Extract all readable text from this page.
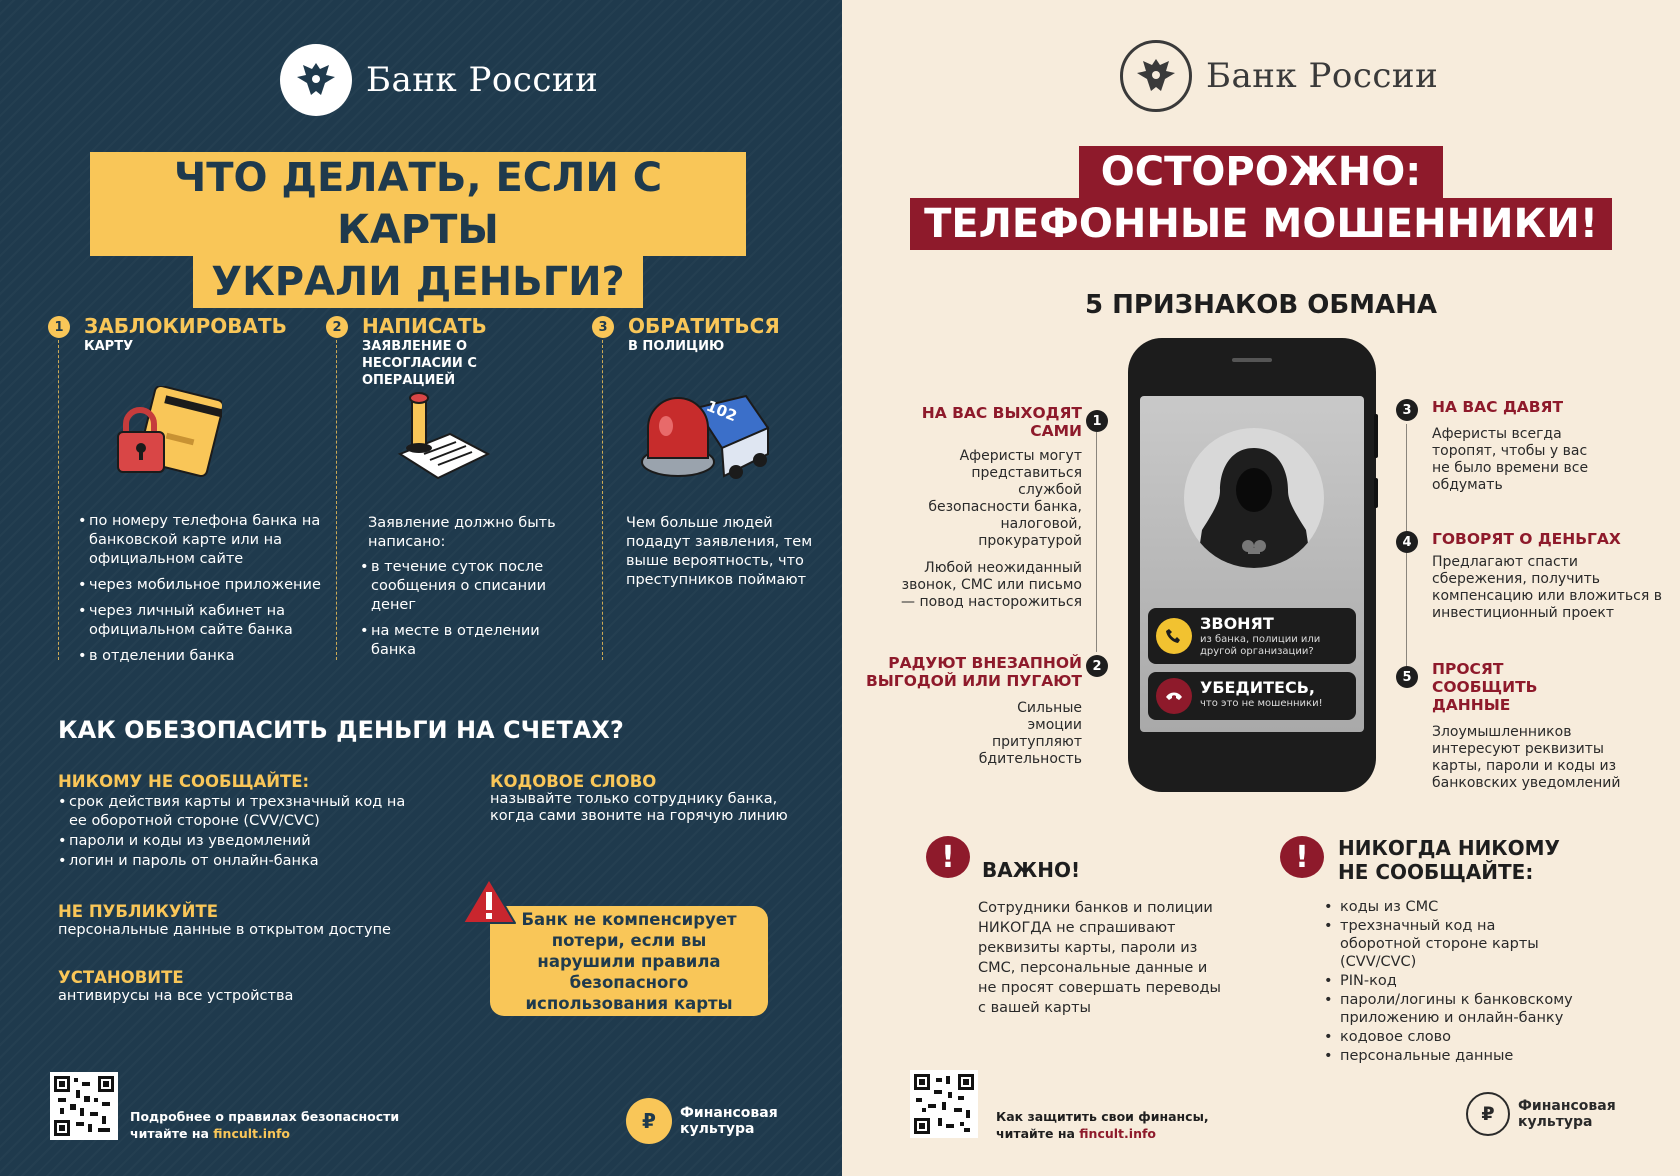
Банк России
ЧТО ДЕЛАТЬ, ЕСЛИ С КАРТЫ
УКРАЛИ ДЕНЬГИ?
1	ЗАБЛОКИРОВАТЬ
КАРТУ
• по номеру телефона банка на банковской карте или на официальном сайте
• через мобильное приложение
• через личный кабинет на официальном сайте банка
• в отделении банка
2	НАПИСАТЬ
ЗАЯВЛЕНИЕ О НЕСОГЛАСИИ С ОПЕРАЦИЕЙ
Заявление должно быть написано:
• в течение суток после сообщения о списании денег
• на месте в отделении банка
3	ОБРАТИТЬСЯ
В ПОЛИЦИЮ
102
Чем больше людей подадут заявления, тем выше вероятность, что преступников поймают
КАК ОБЕЗОПАСИТЬ ДЕНЬГИ НА СЧЕТАХ?
НИКОМУ НЕ СООБЩАЙТЕ:
• срок действия карты и трехзначный код на ее оборотной стороне (CVV/CVC)
• пароли и коды из уведомлений
• логин и пароль от онлайн-банка
НЕ ПУБЛИКУЙТЕ
персональные данные в открытом доступе
УСТАНОВИТЕ
антивирусы на все устройства
КОДОВОЕ СЛОВО
называйте только сотруднику банка, когда сами звоните на горячую линию
Банк не компенсирует потери, если вы нарушили правила безопасного использования карты
Подробнее о правилах безопасности
читайте на fincult.info
₽	Финансовая
культура
Банк России
ОСТОРОЖНО:
ТЕЛЕФОННЫЕ МОШЕННИКИ!
5 ПРИЗНАКОВ ОБМАНА
ЗВОНЯТ
из банка, полиции или другой организации?
УБЕДИТЕСЬ,
что это не мошенники!
НА ВАС ВЫХОДЯТ САМИ
Аферисты могут представиться службой безопасности банка, налоговой, прокуратурой
Любой неожиданный звонок, СМС или письмо — повод насторожиться
1
РАДУЮТ ВНЕЗАПНОЙ ВЫГОДОЙ ИЛИ ПУГАЮТ
Сильные эмоции притупляют бдительность
2
3	НА ВАС ДАВЯТ
Аферисты всегда торопят, чтобы у вас не было времени все обдумать
4	ГОВОРЯТ О ДЕНЬГАХ
Предлагают спасти сбережения, получить компенсацию или вложиться в инвестиционный проект
5	ПРОСЯТ СООБЩИТЬ ДАННЫЕ
Злоумышленников интересуют реквизиты карты, пароли и коды из банковских уведомлений
!	ВАЖНО!
Сотрудники банков и полиции НИКОГДА не спрашивают реквизиты карты, пароли из СМС, персональные данные и не просят совершать переводы с вашей карты
!	НИКОГДА НИКОМУ
НЕ СООБЩАЙТЕ:
• коды из СМС
• трехзначный код на оборотной стороне карты (CVV/CVC)
• PIN-код
• пароли/логины к банковскому приложению и онлайн-банку
• кодовое слово
• персональные данные
Как защитить свои финансы,
читайте на fincult.info
₽	Финансовая
культура
